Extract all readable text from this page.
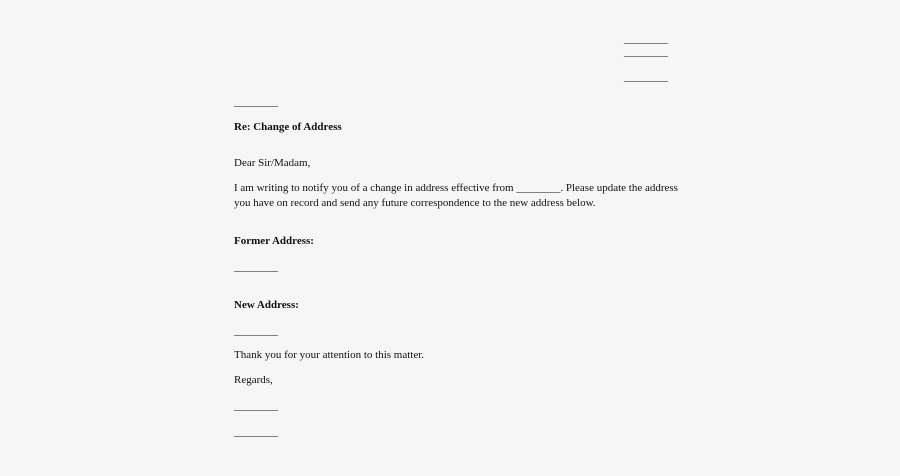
________
________
________
________
Re: Change of Address
Dear Sir/Madam,
I am writing to notify you of a change in address effective from ________. Please update the address
you have on record and send any future correspondence to the new address below.
Former Address:
________
New Address:
________
Thank you for your attention to this matter.
Regards,
________
________
